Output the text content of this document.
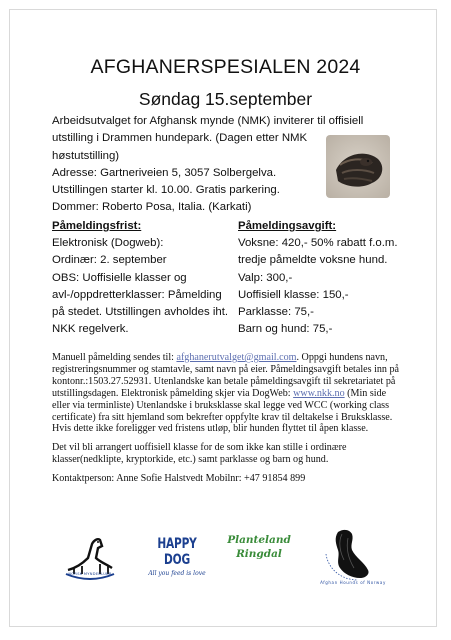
AFGHANERSPESIALEN 2024
Søndag 15.september

Arbeidsutvalget for Afghansk mynde (NMK) inviterer til offisiell utstilling i Drammen hundepark. (Dagen etter NMK høstutstilling)

Adresse: Gartneriveien 5, 3057 Solbergelva.

Utstillingen starter kl. 10.00. Gratis parkering.

Dommer: Roberto Posa, Italia. (Karkati)

Påmeldingsfrist:

Elektronisk (Dogweb):

Ordinær: 2. september

OBS: Uoffisielle klasser og avl-/oppdretterklasser: Påmelding på stedet. Utstillingen avholdes iht. NKK regelverk.

Påmeldingsavgift:

Voksne: 420,- 50% rabatt f.o.m. tredje påmeldte voksne hund.

Valp: 300,-

Uoffisiell klasse: 150,-

Parklasse: 75,-

Barn og hund: 75,-

Manuell påmelding sendes til: afghanerutvalget@gmail.com. Oppgi hundens navn, registreringsnummer og stamtavle, samt navn på eier. Påmeldingsavgift betales inn på kontonr.:1503.27.52931. Utenlandske kan betale påmeldingsavgift til sekretariatet på utstillingsdagen. Elektronisk påmelding skjer via DogWeb: www.nkk.no (Min side eller via terminliste) Utenlandske i bruksklasse skal legge ved WCC (working class certificate) fra sitt hjemland som bekrefter oppfylte krav til deltakelse i Bruksklasse. Hvis dette ikke foreligger ved fristens utløp, blir hunden flyttet til åpen klasse.

Det vil bli arrangert uoffisiell klasse for de som ikke kan stille i ordinære klasser(nedklipte, kryptorkide, etc.) samt parklasse og barn og hund.

Kontaktperson: Anne Sofie Halstvedt Mobilnr: +47 91854 899

NORSK MYNDEKLUBB
HAPPY DOG
All you feed is love
Planteland
Ringdal
Afghan Hounds of Norway
